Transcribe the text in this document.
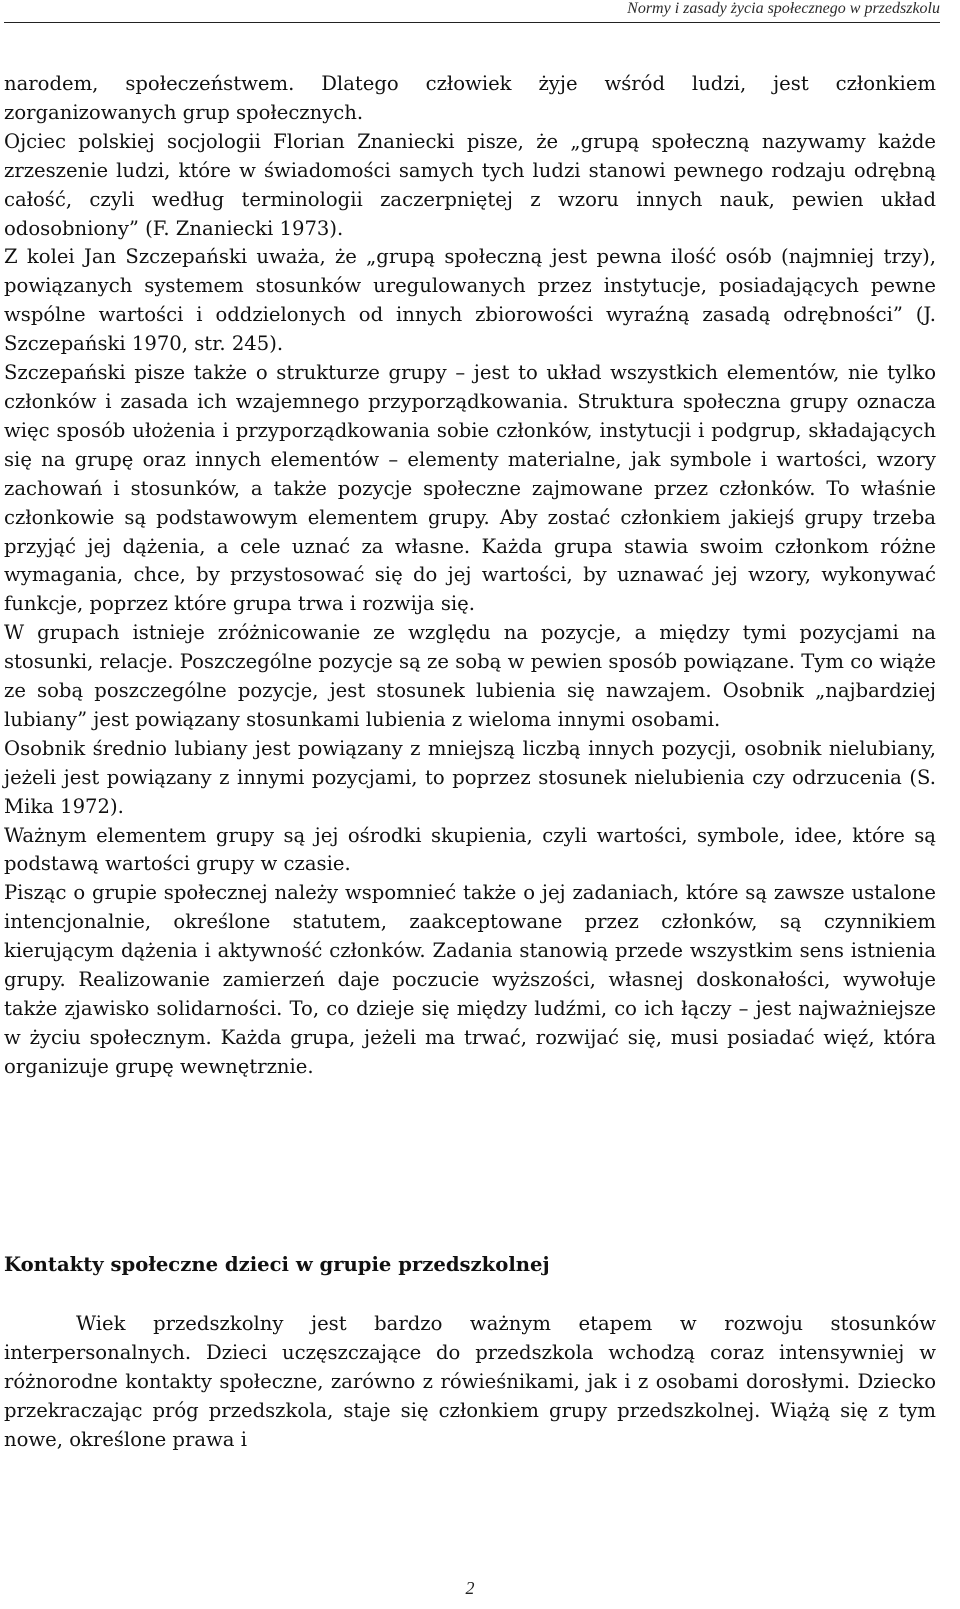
Normy i zasady życia społecznego w przedszkolu

narodem, społeczeństwem. Dlatego człowiek żyje wśród ludzi, jest członkiem zorganizowanych grup społecznych.

Ojciec polskiej socjologii Florian Znaniecki pisze, że „grupą społeczną nazywamy każde zrzeszenie ludzi, które w świadomości samych tych ludzi stanowi pewnego rodzaju odrębną całość, czyli według terminologii zaczerpniętej z wzoru innych nauk, pewien układ odosobniony” (F. Znaniecki 1973).

Z kolei Jan Szczepański uważa, że „grupą społeczną jest pewna ilość osób (najmniej trzy), powiązanych systemem stosunków uregulowanych przez instytucje, posiadających pewne wspólne wartości i oddzielonych od innych zbiorowości wyraźną zasadą odrębności” (J. Szczepański 1970, str. 245).

Szczepański pisze także o strukturze grupy – jest to układ wszystkich elementów, nie tylko członków i zasada ich wzajemnego przyporządkowania. Struktura społeczna grupy oznacza więc sposób ułożenia i przyporządkowania sobie członków, instytucji i podgrup, składających się na grupę oraz innych elementów – elementy materialne, jak symbole i wartości, wzory zachowań i stosunków, a także pozycje społeczne zajmowane przez członków. To właśnie członkowie są podstawowym elementem grupy. Aby zostać członkiem jakiejś grupy trzeba przyjąć jej dążenia, a cele uznać za własne. Każda grupa stawia swoim członkom różne wymagania, chce, by przystosować się do jej wartości, by uznawać jej wzory, wykonywać funkcje, poprzez które grupa trwa i rozwija się.

W grupach istnieje zróżnicowanie ze względu na pozycje, a między tymi pozycjami na stosunki, relacje. Poszczególne pozycje są ze sobą w pewien sposób powiązane. Tym co wiąże ze sobą poszczególne pozycje, jest stosunek lubienia się nawzajem. Osobnik „najbardziej lubiany” jest powiązany stosunkami lubienia z wieloma innymi osobami.

Osobnik średnio lubiany jest powiązany z mniejszą liczbą innych pozycji, osobnik nielubiany, jeżeli jest powiązany z innymi pozycjami, to poprzez stosunek nielubienia czy odrzucenia (S. Mika 1972).

Ważnym elementem grupy są jej ośrodki skupienia, czyli wartości, symbole, idee, które są podstawą wartości grupy w czasie.

Pisząc o grupie społecznej należy wspomnieć także o jej zadaniach, które są zawsze ustalone intencjonalnie, określone statutem, zaakceptowane przez członków, są czynnikiem kierującym dążenia i aktywność członków. Zadania stanowią przede wszystkim sens istnienia grupy. Realizowanie zamierzeń daje poczucie wyższości, własnej doskonałości, wywołuje także zjawisko solidarności. To, co dzieje się między ludźmi, co ich łączy – jest najważniejsze w życiu społecznym. Każda grupa, jeżeli ma trwać, rozwijać się, musi posiadać więź, która organizuje grupę wewnętrznie.

Kontakty społeczne dzieci w grupie przedszkolnej

Wiek przedszkolny jest bardzo ważnym etapem w rozwoju stosunków interpersonalnych. Dzieci uczęszczające do przedszkola wchodzą coraz intensywniej w różnorodne kontakty społeczne, zarówno z rówieśnikami, jak i z osobami dorosłymi. Dziecko przekraczając próg przedszkola, staje się członkiem grupy przedszkolnej. Wiążą się z tym nowe, określone prawa i

2
